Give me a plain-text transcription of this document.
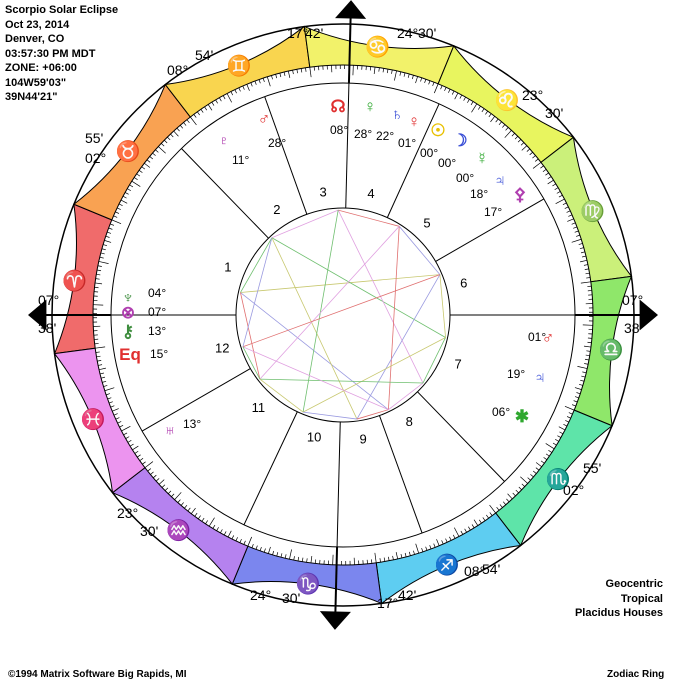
Scorpio Solar Eclipse
Oct 23, 2014
Denver, CO
03:57:30 PM MDT
ZONE: +06:00
104W59'03"
39N44'21"
♈
♉
♊
♋
♌
♍
♎
♏
♐
♑
♒
♓
1
2
3	4
5
6
7
8
9
10
11
12
17°
42'	24° 30'
23°
30'
07°
38'
55'
02°
54'
08°
17° 42'
24° 30'
23°
30'
07°
38'
55'
02°
08°
54'
♆
⊗
⚷
Eq
♅
♇
♂
☊ ♀ ♄ ♀ ☉
☽
☿
♃
⚴
♂
♃
✱
04°
07°
13°
15°
13°
11°
28°
08° 28° 22° 01°
00°
00°
00°
18°
17°
01°
19°
06°
Geocentric
Tropical
Placidus Houses
©1994 Matrix Software Big Rapids, MI	Zodiac Ring
